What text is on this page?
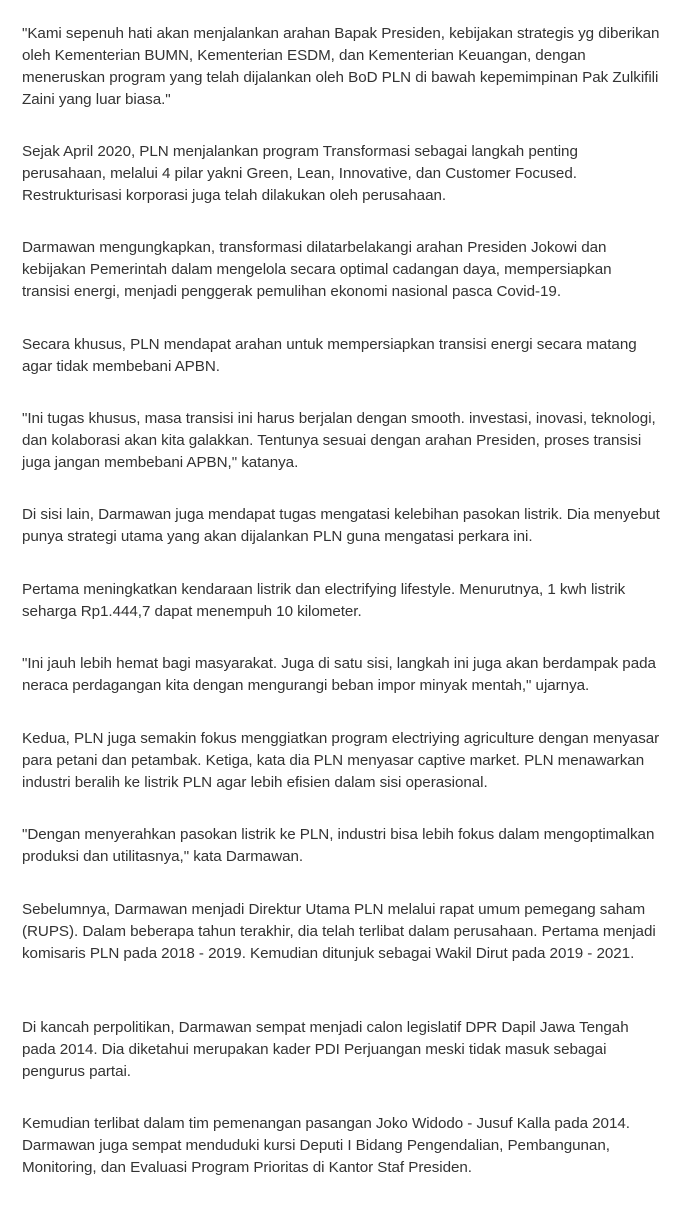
"Kami sepenuh hati akan menjalankan arahan Bapak Presiden, kebijakan strategis yg diberikan oleh Kementerian BUMN, Kementerian ESDM, dan Kementerian Keuangan, dengan meneruskan program yang telah dijalankan oleh BoD PLN di bawah kepemimpinan Pak Zulkifili Zaini yang luar biasa."

Sejak April 2020, PLN menjalankan program Transformasi sebagai langkah penting perusahaan, melalui 4 pilar yakni Green, Lean, Innovative, dan Customer Focused. Restrukturisasi korporasi juga telah dilakukan oleh perusahaan.

Darmawan mengungkapkan, transformasi dilatarbelakangi arahan Presiden Jokowi dan kebijakan Pemerintah dalam mengelola secara optimal cadangan daya, mempersiapkan transisi energi, menjadi penggerak pemulihan ekonomi nasional pasca Covid-19.

Secara khusus, PLN mendapat arahan untuk mempersiapkan transisi energi secara matang agar tidak membebani APBN.

"Ini tugas khusus, masa transisi ini harus berjalan dengan smooth. investasi, inovasi, teknologi, dan kolaborasi akan kita galakkan. Tentunya sesuai dengan arahan Presiden, proses transisi juga jangan membebani APBN," katanya.

Di sisi lain, Darmawan juga mendapat tugas mengatasi kelebihan pasokan listrik. Dia menyebut punya strategi utama yang akan dijalankan PLN guna mengatasi perkara ini.

Pertama meningkatkan kendaraan listrik dan electrifying lifestyle. Menurutnya, 1 kwh listrik seharga Rp1.444,7 dapat menempuh 10 kilometer.

"Ini jauh lebih hemat bagi masyarakat. Juga di satu sisi, langkah ini juga akan berdampak pada neraca perdagangan kita dengan mengurangi beban impor minyak mentah," ujarnya.

Kedua, PLN juga semakin fokus menggiatkan program electriying agriculture dengan menyasar para petani dan petambak. Ketiga, kata dia PLN menyasar captive market. PLN menawarkan industri beralih ke listrik PLN agar lebih efisien dalam sisi operasional.

"Dengan menyerahkan pasokan listrik ke PLN, industri bisa lebih fokus dalam mengoptimalkan produksi dan utilitasnya," kata Darmawan.

Sebelumnya, Darmawan menjadi Direktur Utama PLN melalui rapat umum pemegang saham (RUPS). Dalam beberapa tahun terakhir, dia telah terlibat dalam perusahaan. Pertama menjadi komisaris PLN pada 2018 - 2019. Kemudian ditunjuk sebagai Wakil Dirut pada 2019 - 2021.

Di kancah perpolitikan, Darmawan sempat menjadi calon legislatif DPR Dapil Jawa Tengah pada 2014. Dia diketahui merupakan kader PDI Perjuangan meski tidak masuk sebagai pengurus partai.

Kemudian terlibat dalam tim pemenangan pasangan Joko Widodo - Jusuf Kalla pada 2014. Darmawan juga sempat menduduki kursi Deputi I Bidang Pengendalian, Pembangunan, Monitoring, dan Evaluasi Program Prioritas di Kantor Staf Presiden.
